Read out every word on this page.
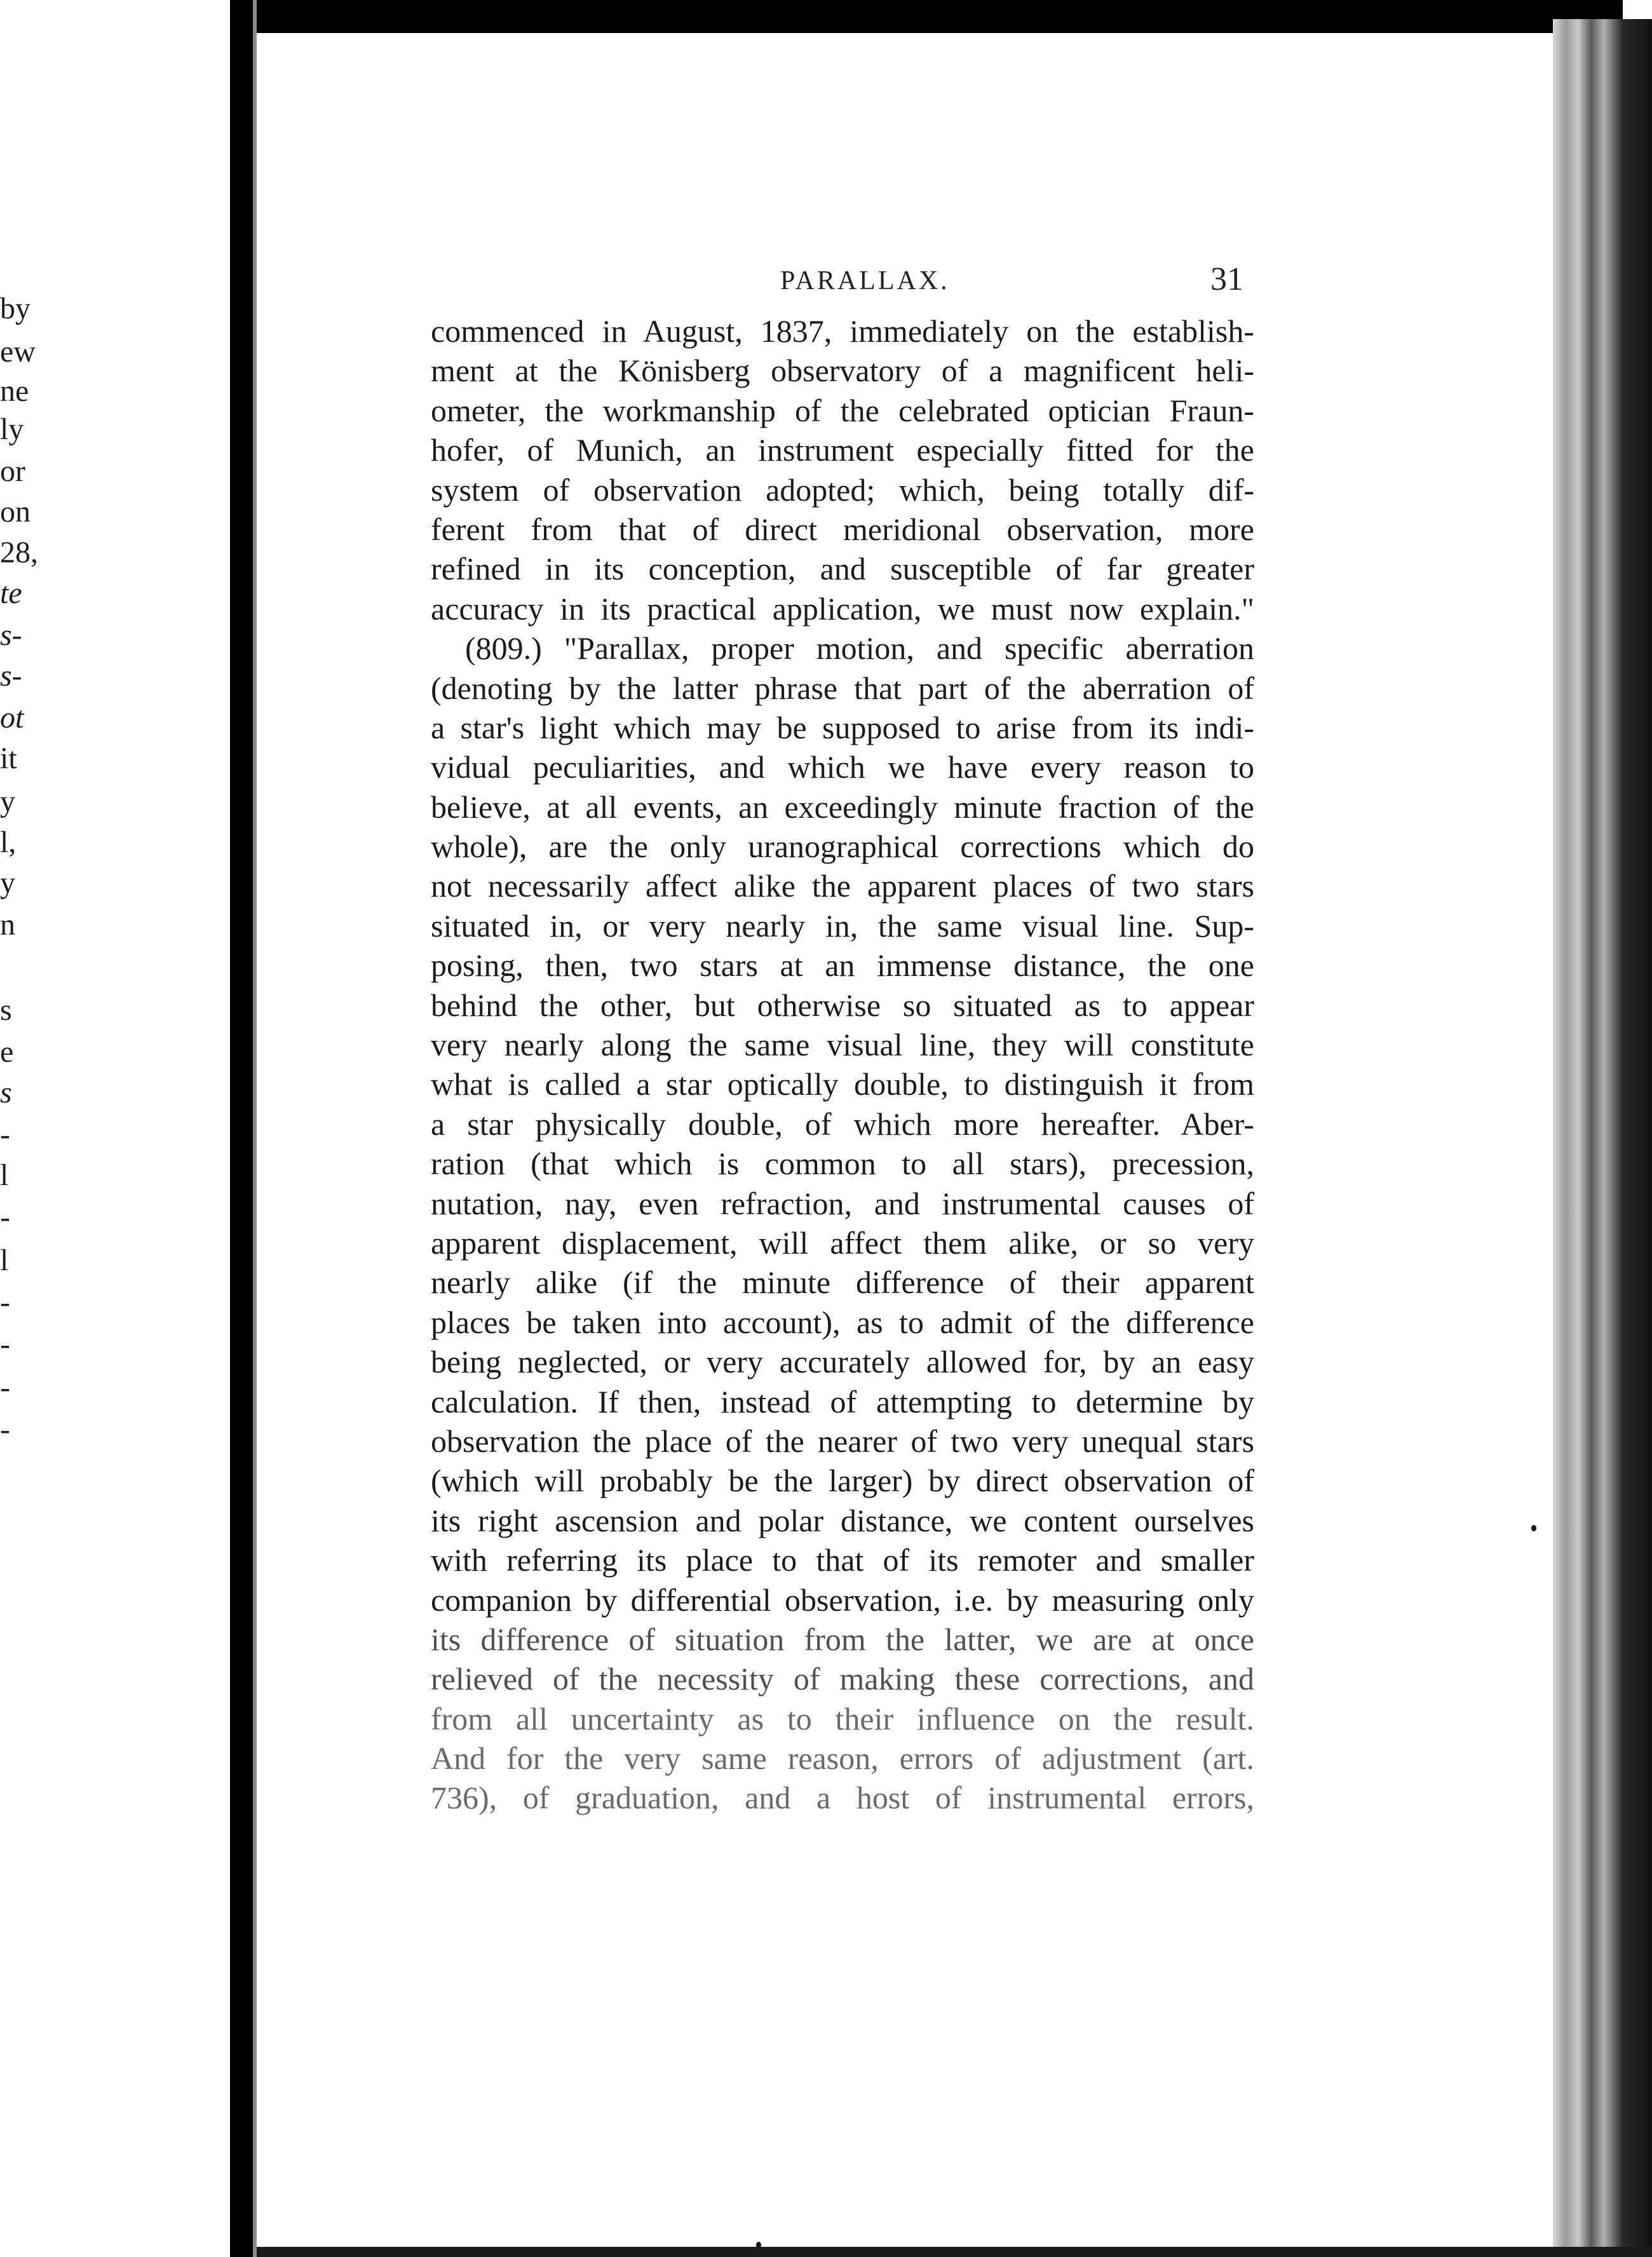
by
ew
ne
ly
or
on
28,
te
s-
s-
ot
it
y
l,
y
n
s
e
s
-
l
-
l
-
-
-
-
PARALLAX.	31
commenced in August, 1837, immediately on the establish-
ment at the Könisberg observatory of a magnificent heli-
ometer, the workmanship of the celebrated optician Fraun-
hofer, of Munich, an instrument especially fitted for the
system of observation adopted; which, being totally dif-
ferent from that of direct meridional observation, more
refined in its conception, and susceptible of far greater
accuracy in its practical application, we must now explain."
(809.) "Parallax, proper motion, and specific aberration
(denoting by the latter phrase that part of the aberration of
a star's light which may be supposed to arise from its indi-
vidual peculiarities, and which we have every reason to
believe, at all events, an exceedingly minute fraction of the
whole), are the only uranographical corrections which do
not necessarily affect alike the apparent places of two stars
situated in, or very nearly in, the same visual line. Sup-
posing, then, two stars at an immense distance, the one
behind the other, but otherwise so situated as to appear
very nearly along the same visual line, they will constitute
what is called a star optically double, to distinguish it from
a star physically double, of which more hereafter. Aber-
ration (that which is common to all stars), precession,
nutation, nay, even refraction, and instrumental causes of
apparent displacement, will affect them alike, or so very
nearly alike (if the minute difference of their apparent
places be taken into account), as to admit of the difference
being neglected, or very accurately allowed for, by an easy
calculation. If then, instead of attempting to determine by
observation the place of the nearer of two very unequal stars
(which will probably be the larger) by direct observation of
its right ascension and polar distance, we content ourselves
with referring its place to that of its remoter and smaller
companion by differential observation, i.e. by measuring only
its difference of situation from the latter, we are at once
relieved of the necessity of making these corrections, and
from all uncertainty as to their influence on the result.
And for the very same reason, errors of adjustment (art.
736), of graduation, and a host of instrumental errors,
